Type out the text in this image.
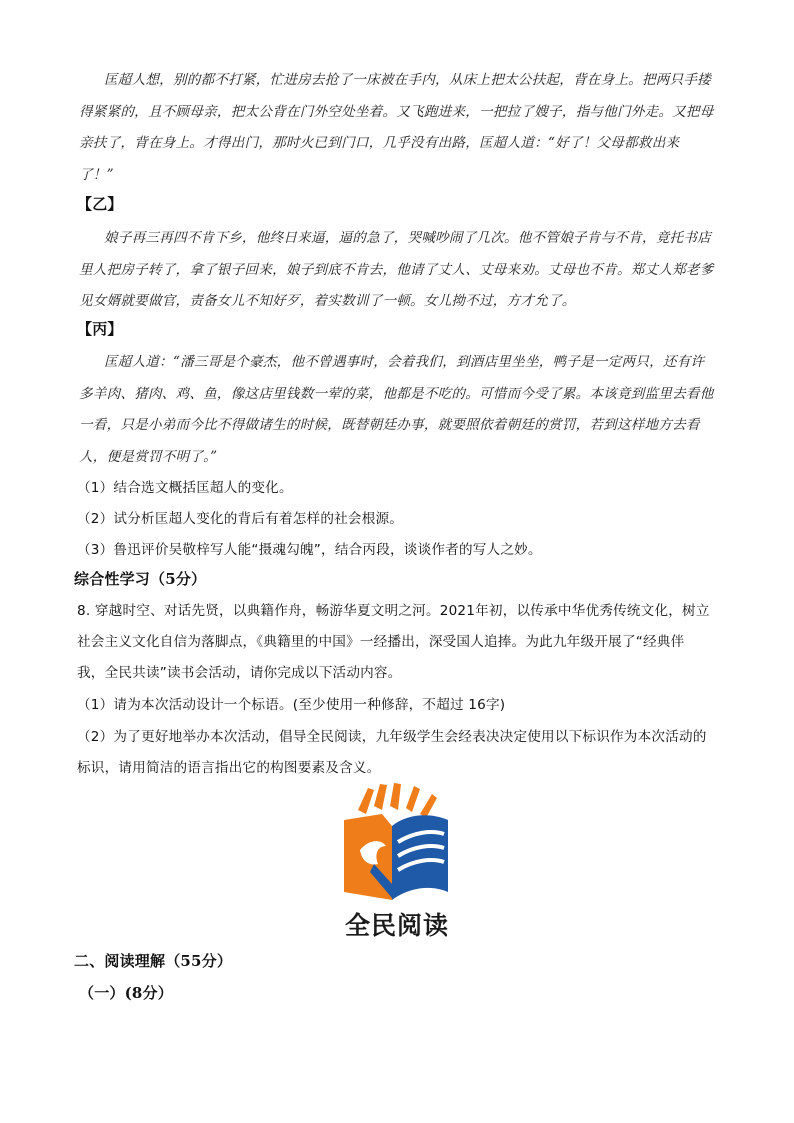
匡超人想，别的都不打紧，忙进房去抢了一床被在手内，从床上把太公扶起，背在身上。把两只手搂
得紧紧的，且不顾母亲，把太公背在门外空处坐着。又飞跑进来，一把拉了嫂子，指与他门外走。又把母
亲扶了，背在身上。才得出门，那时火已到门口，几乎没有出路，匡超人道：“好了！父母都救出来
了！”
【乙】
娘子再三再四不肯下乡，他终日来逼，逼的急了，哭喊吵闹了几次。他不管娘子肯与不肯，竟托书店
里人把房子转了，拿了银子回来，娘子到底不肯去，他请了丈人、丈母来劝。丈母也不肯。郑丈人郑老爹
见女婿就要做官，责备女儿不知好歹，着实数训了一顿。女儿拗不过，方才允了。
【丙】
匡超人道：“潘三哥是个豪杰，他不曾遇事时，会着我们，到酒店里坐坐，鸭子是一定两只，还有许
多羊肉、猪肉、鸡、鱼，像这店里钱数一荤的菜，他都是不吃的。可惜而今受了累。本该竟到监里去看他
一看，只是小弟而今比不得做诸生的时候，既替朝廷办事，就要照依着朝廷的赏罚，若到这样地方去看
人，便是赏罚不明了。”
（1）结合选文概括匡超人的变化。
（2）试分析匡超人变化的背后有着怎样的社会根源。
（3）鲁迅评价吴敬梓写人能“摄魂勾魄”，结合丙段，谈谈作者的写人之妙。
综合性学习（5分）
8. 穿越时空、对话先贤，以典籍作舟，畅游华夏文明之河。2021年初，以传承中华优秀传统文化，树立
社会主义文化自信为落脚点，《典籍里的中国》一经播出，深受国人追捧。为此九年级开展了“经典伴
我，全民共读”读书会活动，请你完成以下活动内容。
（1）请为本次活动设计一个标语。(至少使用一种修辞，不超过 16字)
（2）为了更好地举办本次活动，倡导全民阅读，九年级学生会经表决决定使用以下标识作为本次活动的
标识，请用简洁的语言指出它的构图要素及含义。
全民阅读
二、阅读理解（55分）
（一）(8分）
